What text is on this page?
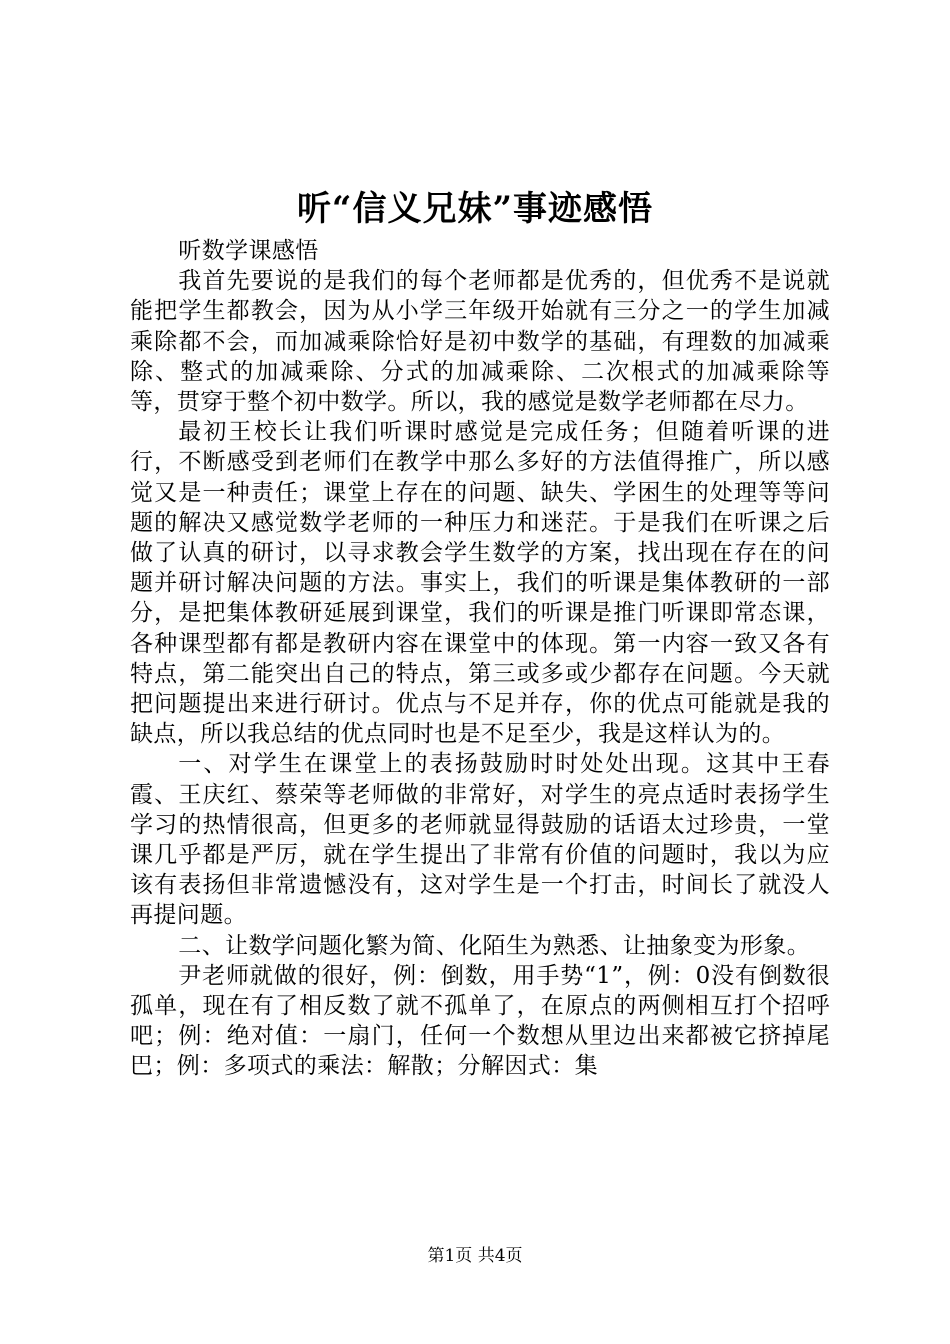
听“信义兄妹”事迹感悟

听数学课感悟

我首先要说的是我们的每个老师都是优秀的，但优秀不是说就能把学生都教会，因为从小学三年级开始就有三分之一的学生加减乘除都不会，而加减乘除恰好是初中数学的基础，有理数的加减乘除、整式的加减乘除、分式的加减乘除、二次根式的加减乘除等等，贯穿于整个初中数学。所以，我的感觉是数学老师都在尽力。

最初王校长让我们听课时感觉是完成任务；但随着听课的进行，不断感受到老师们在教学中那么多好的方法值得推广，所以感觉又是一种责任；课堂上存在的问题、缺失、学困生的处理等等问题的解决又感觉数学老师的一种压力和迷茫。于是我们在听课之后做了认真的研讨，以寻求教会学生数学的方案，找出现在存在的问题并研讨解决问题的方法。事实上，我们的听课是集体教研的一部分，是把集体教研延展到课堂，我们的听课是推门听课即常态课，各种课型都有都是教研内容在课堂中的体现。第一内容一致又各有特点，第二能突出自己的特点，第三或多或少都存在问题。今天就把问题提出来进行研讨。优点与不足并存，你的优点可能就是我的缺点，所以我总结的优点同时也是不足至少，我是这样认为的。

一、对学生在课堂上的表扬鼓励时时处处出现。这其中王春霞、王庆红、蔡荣等老师做的非常好，对学生的亮点适时表扬学生学习的热情很高，但更多的老师就显得鼓励的话语太过珍贵，一堂课几乎都是严厉，就在学生提出了非常有价值的问题时，我以为应该有表扬但非常遗憾没有，这对学生是一个打击，时间长了就没人再提问题。

二、让数学问题化繁为简、化陌生为熟悉、让抽象变为形象。

尹老师就做的很好，例：倒数，用手势“1”，例：0没有倒数很孤单，现在有了相反数了就不孤单了，在原点的两侧相互打个招呼吧；例：绝对值：一扇门，任何一个数想从里边出来都被它挤掉尾巴；例：多项式的乘法：解散；分解因式：集

第1页 共4页
